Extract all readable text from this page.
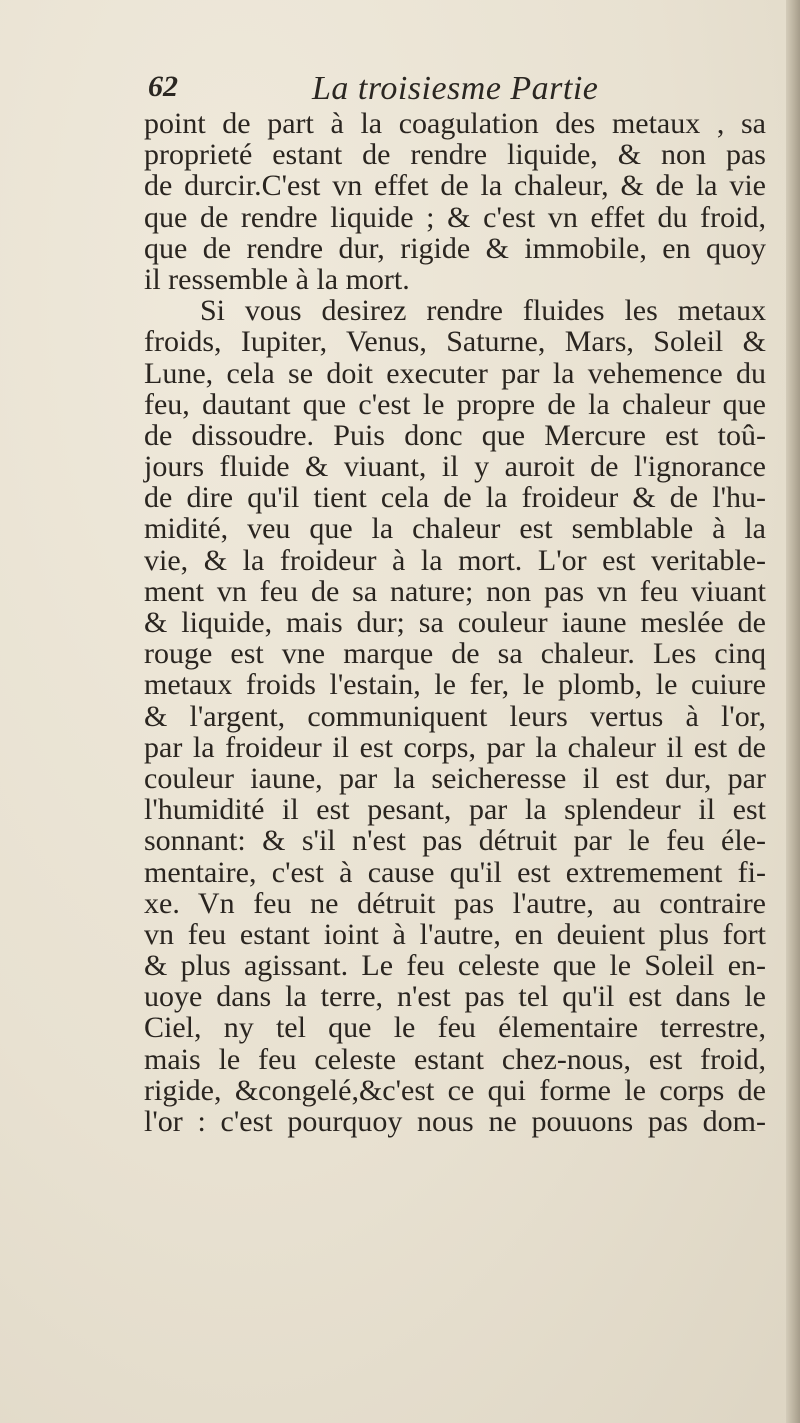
62	La troisiesme Partie
point de part à la coagulation des metaux , sa
proprieté estant de rendre liquide, & non pas
de durcir.C'est vn effet de la chaleur, & de la vie
que de rendre liquide ; & c'est vn effet du froid,
que de rendre dur, rigide & immobile, en quoy
il ressemble à la mort.
Si vous desirez rendre fluides les metaux
froids, Iupiter, Venus, Saturne, Mars, Soleil &
Lune, cela se doit executer par la vehemence du
feu, dautant que c'est le propre de la chaleur que
de dissoudre. Puis donc que Mercure est toû-
jours fluide & viuant, il y auroit de l'ignorance
de dire qu'il tient cela de la froideur & de l'hu-
midité, veu que la chaleur est semblable à la
vie, & la froideur à la mort. L'or est veritable-
ment vn feu de sa nature; non pas vn feu viuant
& liquide, mais dur; sa couleur iaune meslée de
rouge est vne marque de sa chaleur. Les cinq
metaux froids l'estain, le fer, le plomb, le cuiure
& l'argent, communiquent leurs vertus à l'or,
par la froideur il est corps, par la chaleur il est de
couleur iaune, par la seicheresse il est dur, par
l'humidité il est pesant, par la splendeur il est
sonnant: & s'il n'est pas détruit par le feu éle-
mentaire, c'est à cause qu'il est extremement fi-
xe. Vn feu ne détruit pas l'autre, au contraire
vn feu estant ioint à l'autre, en deuient plus fort
& plus agissant. Le feu celeste que le Soleil en-
uoye dans la terre, n'est pas tel qu'il est dans le
Ciel, ny tel que le feu élementaire terrestre,
mais le feu celeste estant chez-nous, est froid,
rigide, &congelé,&c'est ce qui forme le corps de
l'or : c'est pourquoy nous ne pouuons pas dom-
